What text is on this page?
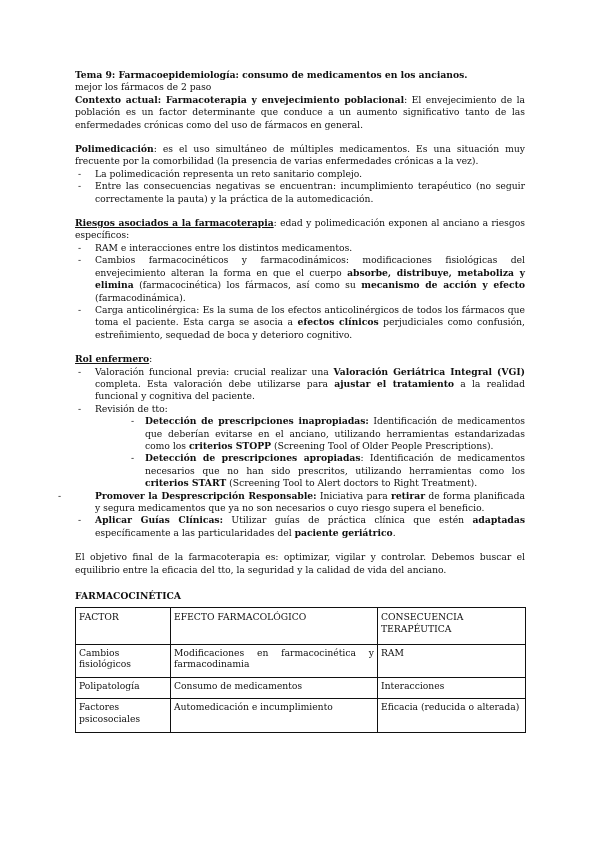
Tema 9: Farmacoepidemiología: consumo de medicamentos en los ancianos.

mejor los fármacos de 2 paso

Contexto actual: Farmacoterapia y envejecimiento poblacional: El envejecimiento de la población es un factor determinante que conduce a un aumento significativo tanto de las enfermedades crónicas como del uso de fármacos en general.

Polimedicación: es el uso simultáneo de múltiples medicamentos. Es una situación muy frecuente por la comorbilidad (la presencia de varias enfermedades crónicas a la vez).

- La polimedicación representa un reto sanitario complejo.
- Entre las consecuencias negativas se encuentran: incumplimiento terapéutico (no seguir correctamente la pauta) y la práctica de la automedicación.

Riesgos asociados a la farmacoterapia: edad y polimedicación exponen al anciano a riesgos específicos:

- RAM e interacciones entre los distintos medicamentos.
- Cambios farmacocinéticos y farmacodinámicos: modificaciones fisiológicas del envejecimiento alteran la forma en que el cuerpo absorbe, distribuye, metaboliza y elimina (farmacocinética) los fármacos, así como su mecanismo de acción y efecto (farmacodinámica).
- Carga anticolinérgica: Es la suma de los efectos anticolinérgicos de todos los fármacos que toma el paciente. Esta carga se asocia a efectos clínicos perjudiciales como confusión, estreñimiento, sequedad de boca y deterioro cognitivo.

Rol enfermero:

- Valoración funcional previa: crucial realizar una Valoración Geriátrica Integral (VGI) completa. Esta valoración debe utilizarse para ajustar el tratamiento a la realidad funcional y cognitiva del paciente.
- Revisión de tto:
- Detección de prescripciones inapropiadas: Identificación de medicamentos que deberían evitarse en el anciano, utilizando herramientas estandarizadas como los criterios STOPP (Screening Tool of Older People Prescriptions).
- Detección de prescripciones apropiadas: Identificación de medicamentos necesarios que no han sido prescritos, utilizando herramientas como los criterios START (Screening Tool to Alert doctors to Right Treatment).
- Promover la Desprescripción Responsable: Iniciativa para retirar de forma planificada y segura medicamentos que ya no son necesarios o cuyo riesgo supera el beneficio.
- Aplicar Guías Clínicas: Utilizar guías de práctica clínica que estén adaptadas específicamente a las particularidades del paciente geriátrico.

El objetivo final de la farmacoterapia es: optimizar, vigilar y controlar. Debemos buscar el equilibrio entre la eficacia del tto, la seguridad y la calidad de vida del anciano.

FARMACOCINÉTICA

FACTOR	EFECTO FARMACOLÓGICO	CONSECUENCIA TERAPÉUTICA
Cambios fisiológicos	Modificaciones en farmacocinética y farmacodinamia	RAM
Polipatología	Consumo de medicamentos	Interacciones
Factores psicosociales	Automedicación e incumplimiento	Eficacia (reducida o alterada)
